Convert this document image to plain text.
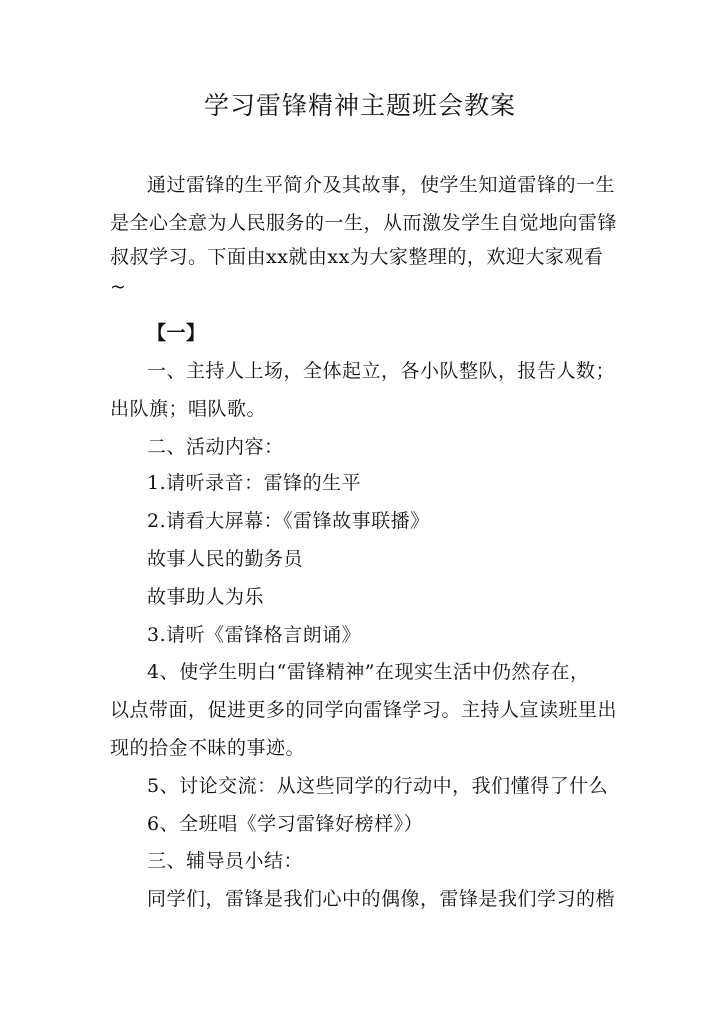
学习雷锋精神主题班会教案
通过雷锋的生平简介及其故事，使学生知道雷锋的一生
是全心全意为人民服务的一生，从而激发学生自觉地向雷锋
叔叔学习。下面由xx就由xx为大家整理的，欢迎大家观看
~
【一】
一、主持人上场，全体起立，各小队整队，报告人数；
出队旗；唱队歌。
二、活动内容：
1.请听录音：雷锋的生平
2.请看大屏幕：《雷锋故事联播》
故事人民的勤务员
故事助人为乐
3.请听《雷锋格言朗诵》
4、使学生明白“雷锋精神”在现实生活中仍然存在，
以点带面，促进更多的同学向雷锋学习。主持人宣读班里出
现的拾金不昧的事迹。
5、讨论交流：从这些同学的行动中，我们懂得了什么
6、全班唱《学习雷锋好榜样》）
三、辅导员小结：
同学们，雷锋是我们心中的偶像，雷锋是我们学习的楷
